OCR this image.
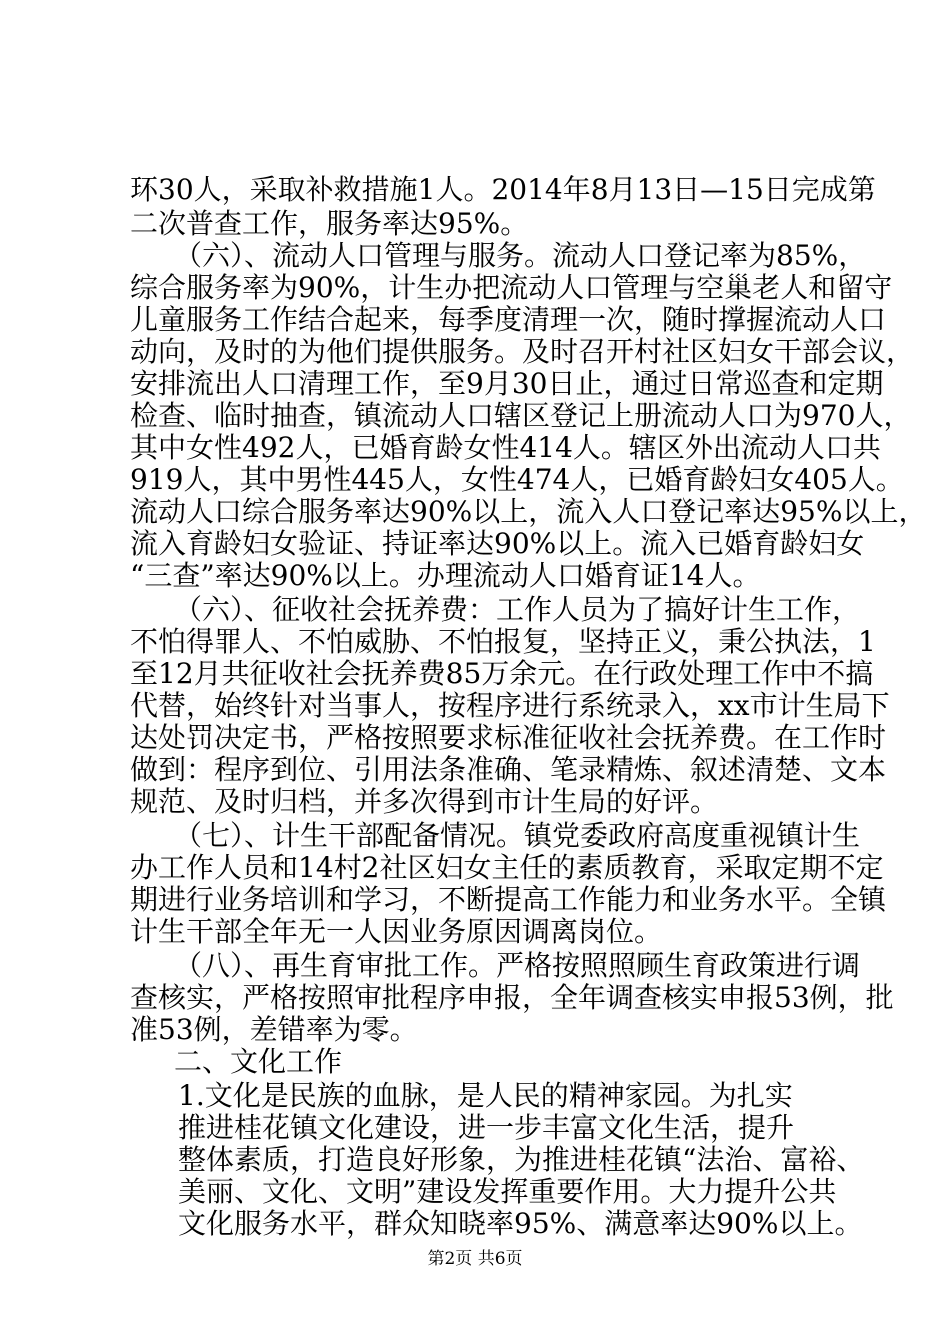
环30人，采取补救措施1人。2014年8月13日—15日完成第
二次普查工作，服务率达95%。
（六）、流动人口管理与服务。流动人口登记率为85%，
综合服务率为90%，计生办把流动人口管理与空巢老人和留守
儿童服务工作结合起来，每季度清理一次，随时撑握流动人口
动向，及时的为他们提供服务。及时召开村社区妇女干部会议，
安排流出人口清理工作，至9月30日止，通过日常巡查和定期
检查、临时抽查，镇流动人口辖区登记上册流动人口为970人，
其中女性492人，已婚育龄女性414人。辖区外出流动人口共
919人，其中男性445人，女性474人，已婚育龄妇女405人。
流动人口综合服务率达90%以上，流入人口登记率达95%以上，
流入育龄妇女验证、持证率达90%以上。流入已婚育龄妇女
“三查”率达90%以上。办理流动人口婚育证14人。
（六）、征收社会抚养费：工作人员为了搞好计生工作，
不怕得罪人、不怕威胁、不怕报复，坚持正义，秉公执法，1
至12月共征收社会抚养费85万余元。在行政处理工作中不搞
代替，始终针对当事人，按程序进行系统录入，xx市计生局下
达处罚决定书，严格按照要求标准征收社会抚养费。在工作时
做到：程序到位、引用法条准确、笔录精炼、叙述清楚、文本
规范、及时归档，并多次得到市计生局的好评。
（七）、计生干部配备情况。镇党委政府高度重视镇计生
办工作人员和14村2社区妇女主任的素质教育，采取定期不定
期进行业务培训和学习，不断提高工作能力和业务水平。全镇
计生干部全年无一人因业务原因调离岗位。
（八）、再生育审批工作。严格按照照顾生育政策进行调
查核实，严格按照审批程序申报，全年调查核实申报53例，批
准53例，差错率为零。
二、文化工作
1.文化是民族的血脉，是人民的精神家园。为扎实
推进桂花镇文化建设，进一步丰富文化生活，提升
整体素质，打造良好形象，为推进桂花镇“法治、富裕、
美丽、文化、文明”建设发挥重要作用。大力提升公共
文化服务水平，群众知晓率95%、满意率达90%以上。
第2页 共6页
